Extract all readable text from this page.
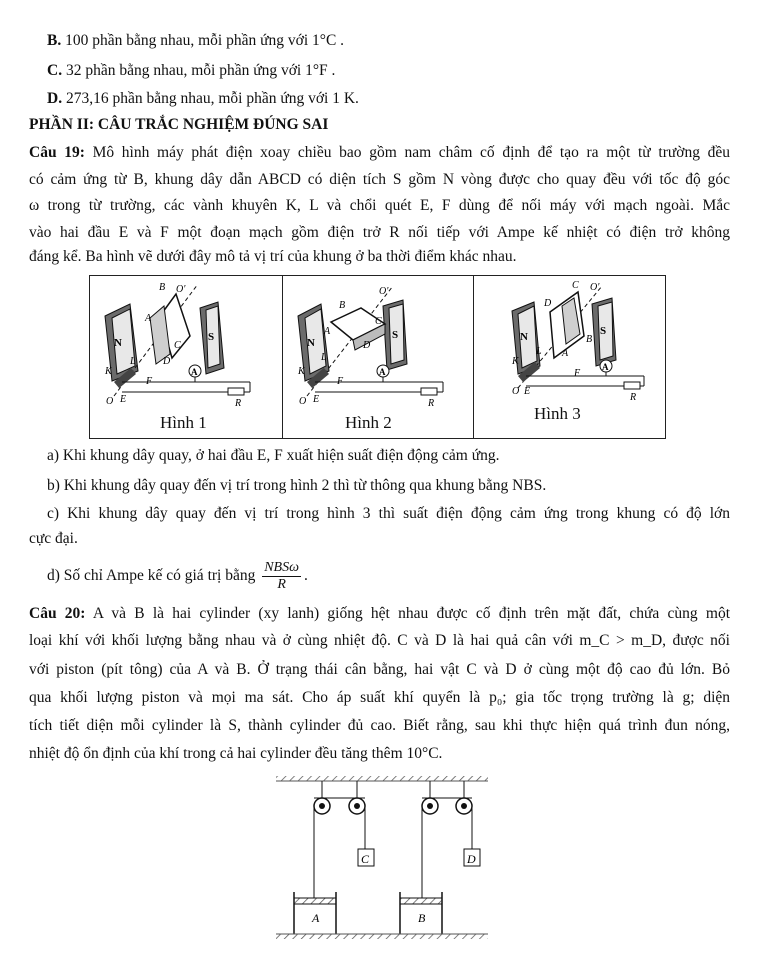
B. 100 phần bằng nhau, mỗi phần ứng với 1°C .
C. 32 phần bằng nhau, mỗi phần ứng với 1°F .
D. 273,16 phần bằng nhau, mỗi phần ứng với 1 K.
PHẦN II: CÂU TRẮC NGHIỆM ĐÚNG SAI
Câu 19: Mô hình máy phát điện xoay chiều bao gồm nam châm cố định để tạo ra một từ trường đều
có cảm ứng từ B, khung dây dẫn ABCD có diện tích S gồm N vòng được cho quay đều với tốc độ góc
ω trong từ trường, các vành khuyên K, L và chổi quét E, F dùng để nối máy với mạch ngoài. Mắc
vào hai đầu E và F một đoạn mạch gồm điện trở R nối tiếp với Ampe kế nhiệt có điện trở không
đáng kể. Ba hình vẽ dưới đây mô tả vị trí của khung ở ba thời điểm khác nhau.
A
B O'
A
C
D
N	S
K
L
F
O E	R
Hình 1
A
B
O'
A
C
D
N
S
K
L
F
O E	R
Hình 2
A
C O'
A
B
D
N	S
K
L
F
O E
R
Hình 3
a) Khi khung dây quay, ở hai đầu E, F xuất hiện suất điện động cảm ứng.
b) Khi khung dây quay đến vị trí trong hình 2 thì từ thông qua khung bằng NBS.
c) Khi khung dây quay đến vị trí trong hình 3 thì suất điện động cảm ứng trong khung có độ lớn
cực đại.
d) Số chỉ Ampe kế có giá trị bằng $\frac{\text{NBSω}}{R}$ .
Câu 20: A và B là hai cylinder (xy lanh) giống hệt nhau được cố định trên mặt đất, chứa cùng một
loại khí với khối lượng bằng nhau và ở cùng nhiệt độ. C và D là hai quả cân với m_C > m_D, được nối
với piston (pít tông) của A và B. Ở trạng thái cân bằng, hai vật C và D ở cùng một độ cao đủ lớn. Bỏ
qua khối lượng piston và mọi ma sát. Cho áp suất khí quyển là p₀; gia tốc trọng trường là g; diện
tích tiết diện mỗi cylinder là S, thành cylinder đủ cao. Biết rằng, sau khi thực hiện quá trình đun nóng,
nhiệt độ ổn định của khí trong cả hai cylinder đều tăng thêm 10°C.
C	D
A	B
